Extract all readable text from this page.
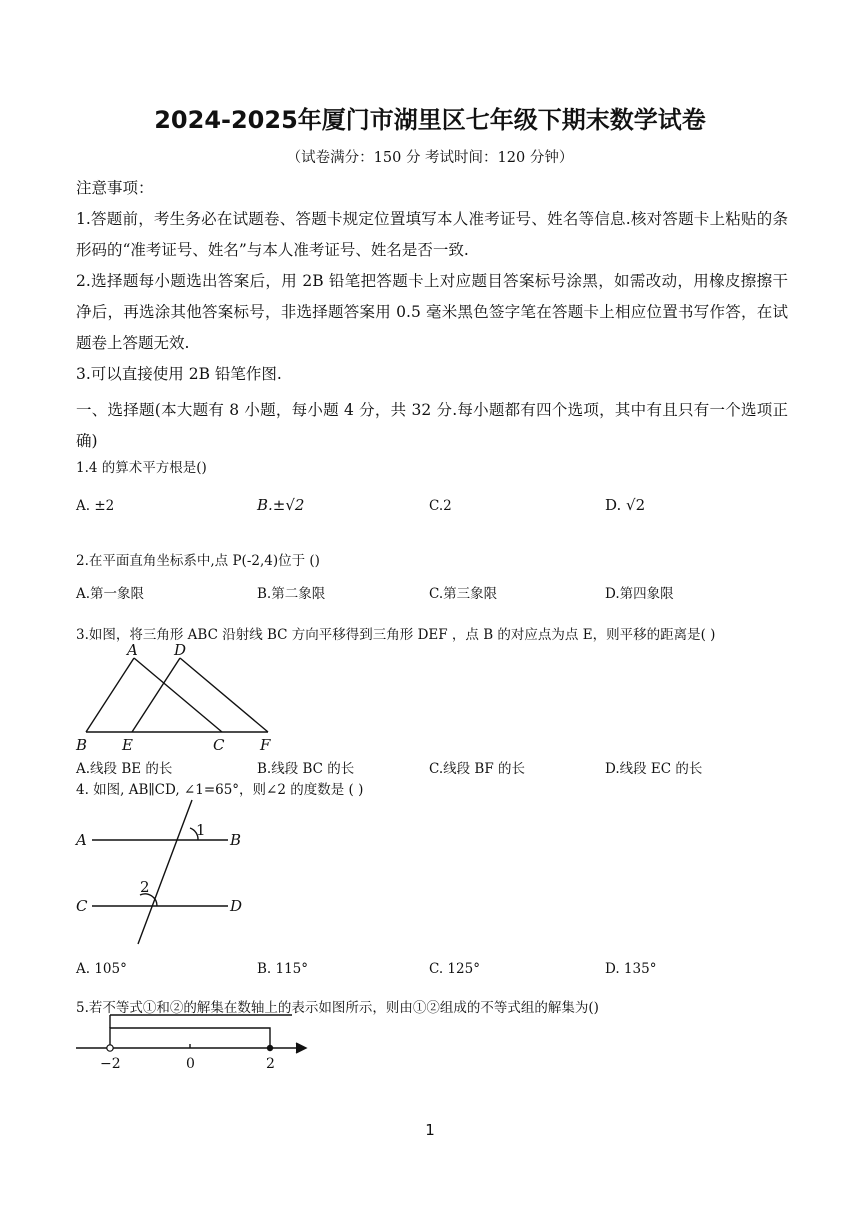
2024-2025年厦门市湖里区七年级下期末数学试卷
（试卷满分：150 分 考试时间：120 分钟）
注意事项：
1.答题前，考生务必在试题卷、答题卡规定位置填写本人准考证号、姓名等信息.核对答题卡上粘贴的条形码的“准考证号、姓名”与本人准考证号、姓名是否一致.
2.选择题每小题选出答案后，用 2B 铅笔把答题卡上对应题目答案标号涂黑，如需改动，用橡皮擦擦干净后，再选涂其他答案标号，非选择题答案用 0.5 毫米黑色签字笔在答题卡上相应位置书写作答，在试题卷上答题无效.
3.可以直接使用 2B 铅笔作图.
一、选择题(本大题有 8 小题，每小题 4 分，共 32 分.每小题都有四个选项，其中有且只有一个选项正确)
1.4 的算术平方根是()
A. ±2	B.±√2	C.2	D. √2
2.在平面直角坐标系中,点 P(-2,4)位于 ()
A.第一象限	B.第二象限	C.第三象限	D.第四象限
3.如图，将三角形 ABC 沿射线 BC 方向平移得到三角形 DEF ，点 B 的对应点为点 E，则平移的距离是( )
A D
B E	C F
A.线段 BE 的长	B.线段 BC 的长	C.线段 BF 的长	D.线段 EC 的长
4. 如图, AB∥CD, ∠1=65°，则∠2 的度数是 ( )
A	B
C	D
1
2
A. 105°	B. 115°	C. 125°	D. 135°
5.若不等式①和②的解集在数轴上的表示如图所示，则由①②组成的不等式组的解集为()
−2	0	2
1
